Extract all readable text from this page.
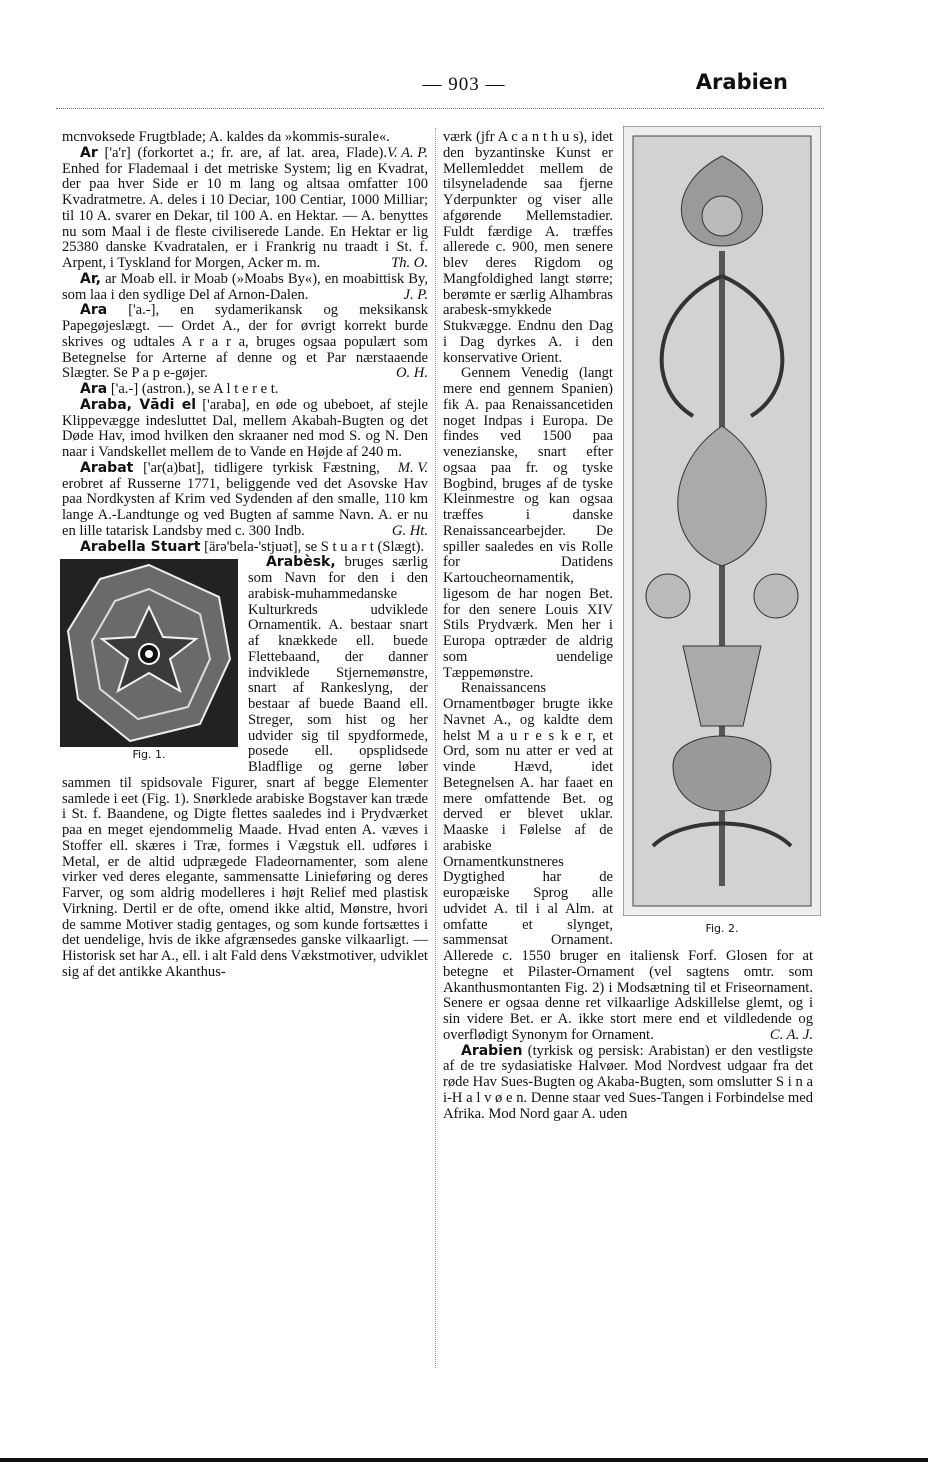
— 903 —	Arabien

mcnvoksede Frugtblade; A. kaldes da »kommis-surale«.
V. A. P.

Ar ['a'r] (forkortet a.; fr. are, af lat. area, Flade). Enhed for Flademaal i det metriske System; lig en Kvadrat, der paa hver Side er 10 m lang og altsaa omfatter 100 Kvadratmetre. A. deles i 10 Deciar, 100 Centiar, 1000 Milliar; til 10 A. svarer en Dekar, til 100 A. en Hektar. — A. benyttes nu som Maal i de fleste civiliserede Lande. En Hektar er lig 25380 danske Kvadratalen, er i Frankrig nu traadt i St. f. Arpent, i Tyskland for Morgen, Acker m. m.	Th. O.

Ar, ar Moab ell. ir Moab (»Moabs By«), en moabittisk By, som laa i den sydlige Del af Arnon-Dalen.	J. P.

Ara ['a.-], en sydamerikansk og meksikansk Papegøjeslægt. — Ordet A., der for øvrigt korrekt burde skrives og udtales A r a r a, bruges ogsaa populært som Betegnelse for Arterne af denne og et Par nærstaaende Slægter. Se P a p e-gøjer.	O. H.

Ara ['a.-] (astron.), se A l t e r e t.

Araba, Vādi el ['araba], en øde og ubeboet, af stejle Klippevægge indesluttet Dal, mellem Akabah-Bugten og det Døde Hav, imod hvilken den skraaner ned mod S. og N. Den naar i Vandskellet mellem de to Vande en Højde af 240 m.
M. V.

Arabat ['ar(a)bat], tidligere tyrkisk Fæstning, erobret af Russerne 1771, beliggende ved det Asovske Hav paa Nordkysten af Krim ved Sydenden af den smalle, 110 km lange A.-Landtunge og ved Bugten af samme Navn. A. er nu en lille tatarisk Landsby med c. 300 Indb.	G. Ht.

Arabella Stuart [ärə'bela-'stjuət], se S t u a r t (Slægt).

Arabèsk,
Fig. 1.
bruges særlig som Navn for den i den arabisk-muhammedanske Kulturkreds udviklede Ornamentik. A. bestaar snart af knækkede ell. buede Flettebaand, der danner indviklede Stjernemønstre, snart af Rankeslyng, der bestaar af buede Baand ell. Streger, som hist og her udvider sig til spydformede, posede ell. opsplidsede Bladflige og gerne løber sammen til spidsovale Figurer, snart af begge Elementer samlede i eet (Fig. 1). Snørklede arabiske Bogstaver kan træde i St. f. Baandene, og Digte flettes saaledes ind i Prydværket paa en meget ejendommelig Maade. Hvad enten A. væves i Stoffer ell. skæres i Træ, formes i Vægstuk ell. udføres i Metal, er de altid udprægede Fladeornamenter, som alene virker ved deres elegante, sammensatte Linieføring og deres Farver, og som aldrig modelleres i højt Relief med plastisk Virkning. Dertil er de ofte, omend ikke altid, Mønstre, hvori de samme Motiver stadig gentages, og som kunde fortsættes i det uendelige, hvis de ikke afgrænsedes ganske vilkaarligt. — Historisk set har A., ell. i alt Fald dens Vækstmotiver, udviklet sig af det antikke Akanthus-

Fig. 2.
værk (jfr A c a n t h u s), idet den byzantinske Kunst er Mellemleddet mellem de tilsyneladende saa fjerne Yderpunkter og viser alle afgørende Mellemstadier. Fuldt færdige A. træffes allerede c. 900, men senere blev deres Rigdom og Mangfoldighed langt større; berømte er særlig Alhambras arabesk-smykkede Stukvægge. Endnu den Dag i Dag dyrkes A. i den konservative Orient.

Gennem Venedig (langt mere end gennem Spanien) fik A. paa Renaissancetiden noget Indpas i Europa. De findes ved 1500 paa venezianske, snart efter ogsaa paa fr. og tyske Bogbind, bruges af de tyske Kleinmestre og kan ogsaa træffes i danske Renaissancearbejder. De spiller saaledes en vis Rolle for Datidens Kartoucheornamentik, ligesom de har nogen Bet. for den senere Louis XIV Stils Prydværk. Men her i Europa optræder de aldrig som uendelige Tæppemønstre.

Renaissancens Ornamentbøger brugte ikke Navnet A., og kaldte dem helst M a u r e s k e r, et Ord, som nu atter er ved at vinde Hævd, idet Betegnelsen A. har faaet en mere omfattende Bet. og derved er blevet uklar. Maaske i Følelse af de arabiske Ornamentkunstneres Dygtighed har de europæiske Sprog alle udvidet A. til i al Alm. at omfatte et slynget, sammensat Ornament. Allerede c. 1550 bruger en italiensk Forf. Glosen for at betegne et Pilaster-Ornament (vel sagtens omtr. som Akanthusmontanten Fig. 2) i Modsætning til et Friseornament. Senere er ogsaa denne ret vilkaarlige Adskillelse glemt, og i sin videre Bet. er A. ikke stort mere end et vildledende og overflødigt Synonym for Ornament.	C. A. J.

Arabien (tyrkisk og persisk: Arabistan) er den vestligste af de tre sydasiatiske Halvøer. Mod Nordvest udgaar fra det røde Hav Sues-Bugten og Akaba-Bugten, som omslutter S i n a i-H a l v ø e n. Denne staar ved Sues-Tangen i Forbindelse med Afrika. Mod Nord gaar A. uden
